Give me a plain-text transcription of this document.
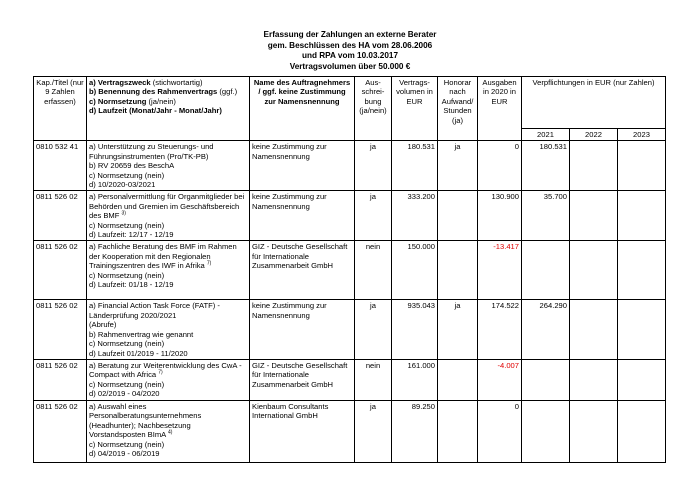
Erfassung der Zahlungen an externe Berater
gem. Beschlüssen des HA vom 28.06.2006
und RPA vom 10.03.2017
Vertragsvolumen über 50.000 €
Kap./Titel (nur 9 Zahlen erfassen)	a) Vertragszweck (stichwortartig)
b) Benennung des Rahmenvertrags (ggf.)
c) Normsetzung (ja/nein)
d) Laufzeit (Monat/Jahr - Monat/Jahr)	Name des Auftragnehmers / ggf. keine Zustimmung zur Namensnennung	Aus-schrei-bung (ja/nein)	Vertrags-volumen in EUR	Honorar nach Aufwand/ Stunden (ja)	Ausgaben in 2020 in EUR	Verpflichtungen in EUR (nur Zahlen)		
							2021	2022	2023
0810 532 41	a) Unterstützung zu Steuerungs- und Führungsinstrumenten (Pro/TK-PB)
b) RV 20659 des BeschA
c) Normsetzung (nein)
d) 10/2020-03/2021	keine Zustimmung zur Namensnennung	ja	180.531	ja	0	180.531		
0811 526 02	a) Personalvermittlung für Organmitglieder bei Behörden und Gremien im Geschäftsbereich des BMF $^{3)}$
c) Normsetzung (nein)
d) Laufzeit: 12/17 - 12/19	keine Zustimmung zur Namensnennung	ja	333.200		130.900	35.700		
0811 526 02	a) Fachliche Beratung des BMF im Rahmen der Kooperation mit den Regionalen Trainingszentren des IWF in Afrika $^{7)}$
c) Normsetzung (nein)
d) Laufzeit: 01/18 - 12/19	GIZ - Deutsche Gesellschaft für Internationale Zusammenarbeit GmbH	nein	150.000		-13.417			
0811 526 02	a) Financial Action Task Force (FATF) - Länderprüfung 2020/2021
(Abrufe)
b) Rahmenvertrag wie genannt
c) Normsetzung (nein)
d) Laufzeit 01/2019 - 11/2020	keine Zustimmung zur Namensnennung	ja	935.043	ja	174.522	264.290		
0811 526 02	a) Beratung zur Weiterentwicklung des CwA - Compact with Africa $^{7)}$
c) Normsetzung (nein)
d) 02/2019 - 04/2020	GIZ - Deutsche Gesellschaft für Internationale Zusammenarbeit GmbH	nein	161.000		-4.007			
0811 526 02	a) Auswahl eines Personalberatungsunternehmens (Headhunter); Nachbesetzung Vorstandsposten BImA $^{4)}$
c) Normsetzung (nein)
d) 04/2019 - 06/2019	Kienbaum Consultants International GmbH	ja	89.250		0			
